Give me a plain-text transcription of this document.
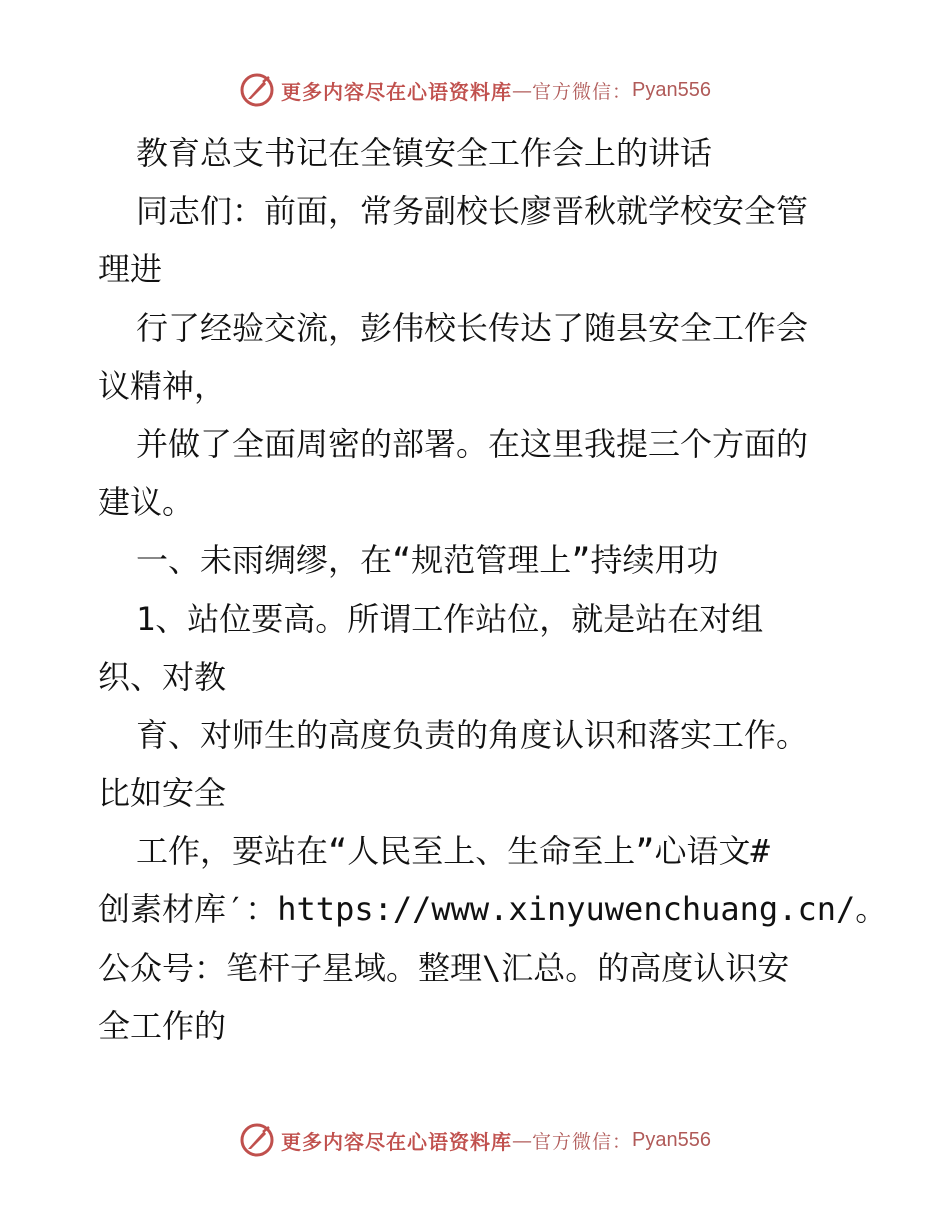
更多内容尽在心语资料库 — 官方微信： Pyan556
教育总支书记在全镇安全工作会上的讲话
同志们：前面，常务副校长廖晋秋就学校安全管
理进
行了经验交流，彭伟校长传达了随县安全工作会
议精神，
并做了全面周密的部署。在这里我提三个方面的
建议。
一、未雨绸缪，在“规范管理上”持续用功
1、站位要高。所谓工作站位，就是站在对组
织、对教
育、对师生的高度负责的角度认识和落实工作。
比如安全
工作，要站在“人民至上、生命至上”心语文#
创素材库′：https://www.xinyuwenchuang.cn/。
公众号：笔杆子星域。整理\汇总。的高度认识安
全工作的
更多内容尽在心语资料库 — 官方微信： Pyan556
